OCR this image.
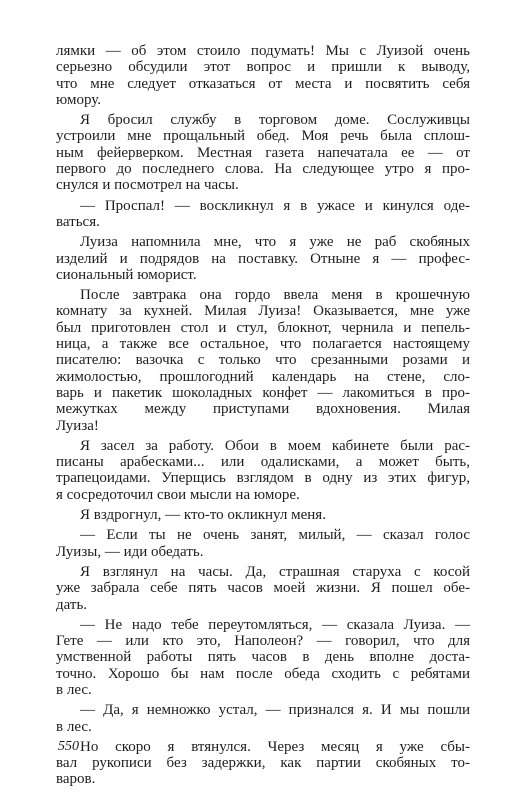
лямки — об этом стоило подумать! Мы с Луизой очень
серьезно обсудили этот вопрос и пришли к выводу,
что мне следует отказаться от места и посвятить себя
юмору.
Я бросил службу в торговом доме. Сослуживцы
устроили мне прощальный обед. Моя речь была сплош-
ным фейерверком. Местная газета напечатала ее — от
первого до последнего слова. На следующее утро я про-
снулся и посмотрел на часы.
— Проспал! — воскликнул я в ужасе и кинулся оде-
ваться.
Луиза напомнила мне, что я уже не раб скобяных
изделий и подрядов на поставку. Отныне я — профес-
сиональный юморист.
После завтрака она гордо ввела меня в крошечную
комнату за кухней. Милая Луиза! Оказывается, мне уже
был приготовлен стол и стул, блокнот, чернила и пепель-
ница, а также все остальное, что полагается настоящему
писателю: вазочка с только что срезанными розами и
жимолостью, прошлогодний календарь на стене, сло-
варь и пакетик шоколадных конфет — лакомиться в про-
межутках между приступами вдохновения. Милая
Луиза!
Я засел за работу. Обои в моем кабинете были рас-
писаны арабесками... или одалисками, а может быть,
трапецоидами. Уперщись взглядом в одну из этих фигур,
я сосредоточил свои мысли на юморе.
Я вздрогнул, — кто-то окликнул меня.
— Если ты не очень занят, милый, — сказал голос
Луизы, — иди обедать.
Я взглянул на часы. Да, страшная старуха с косой
уже забрала себе пять часов моей жизни. Я пошел обе-
дать.
— Не надо тебе переутомляться, — сказала Луиза. —
Гете — или кто это, Наполеон? — говорил, что для
умственной работы пять часов в день вполне доста-
точно. Хорошо бы нам после обеда сходить с ребятами
в лес.
— Да, я немножко устал, — признался я. И мы пошли
в лес.
Но скоро я втянулся. Через месяц я уже сбы-
вал рукописи без задержки, как партии скобяных то-
варов.
550
